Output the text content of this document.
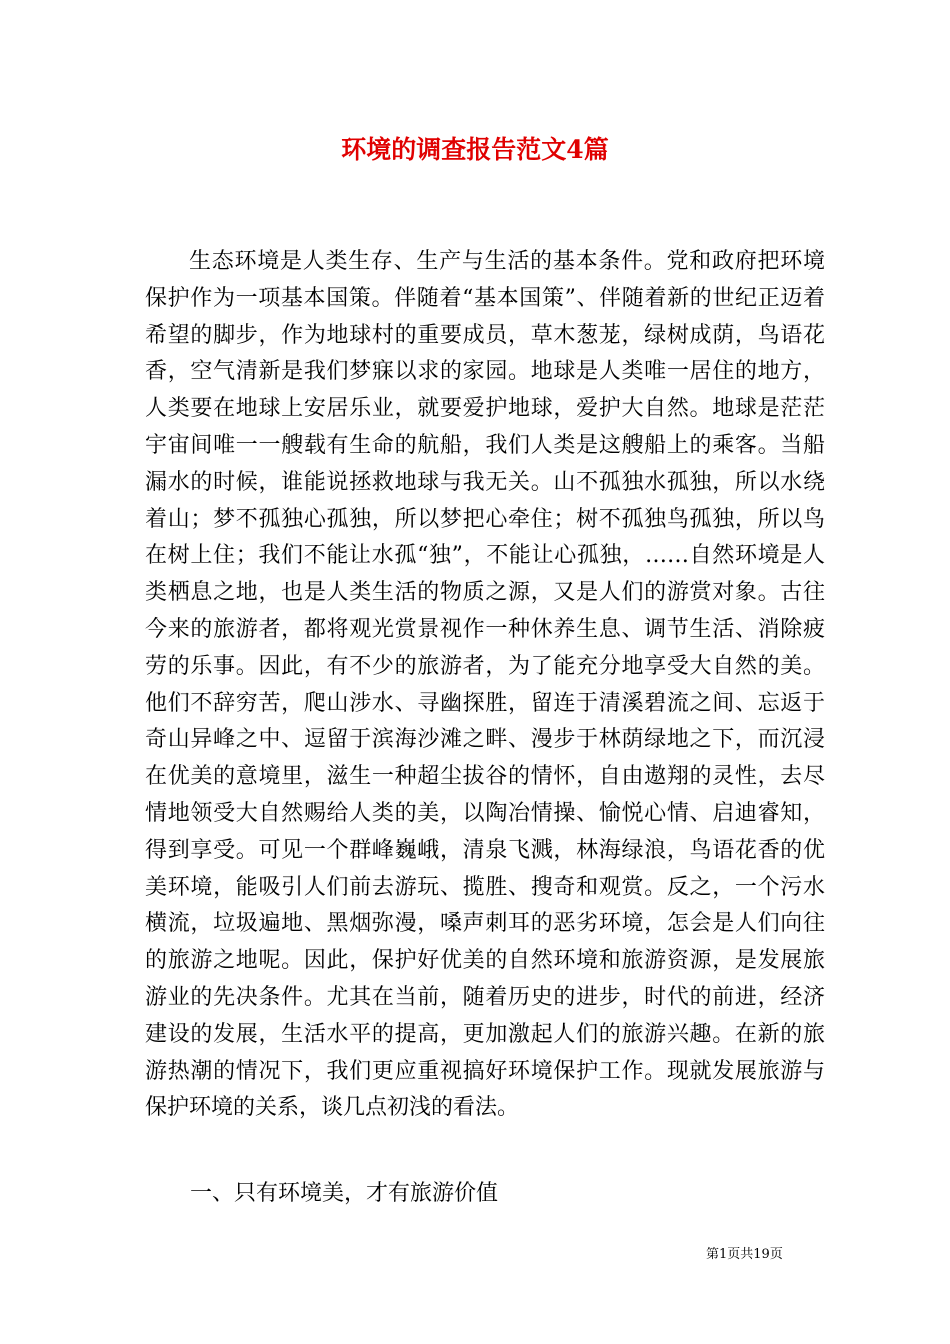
环境的调查报告范文4篇

生态环境是人类生存、生产与生活的基本条件。党和政府把环境保护作为一项基本国策。伴随着“基本国策”、伴随着新的世纪正迈着希望的脚步，作为地球村的重要成员，草木葱茏，绿树成荫，鸟语花香，空气清新是我们梦寐以求的家园。地球是人类唯一居住的地方，人类要在地球上安居乐业，就要爱护地球，爱护大自然。地球是茫茫宇宙间唯一一艘载有生命的航船，我们人类是这艘船上的乘客。当船漏水的时候，谁能说拯救地球与我无关。山不孤独水孤独，所以水绕着山；梦不孤独心孤独，所以梦把心牵住；树不孤独鸟孤独，所以鸟在树上住；我们不能让水孤“独”，不能让心孤独，……自然环境是人类栖息之地，也是人类生活的物质之源，又是人们的游赏对象。古往今来的旅游者，都将观光赏景视作一种休养生息、调节生活、消除疲劳的乐事。因此，有不少的旅游者，为了能充分地享受大自然的美。他们不辞穷苦，爬山涉水、寻幽探胜，留连于清溪碧流之间、忘返于奇山异峰之中、逗留于滨海沙滩之畔、漫步于林荫绿地之下，而沉浸在优美的意境里，滋生一种超尘拔谷的情怀，自由遨翔的灵性，去尽情地领受大自然赐给人类的美，以陶冶情操、愉悦心情、启迪睿知，得到享受。可见一个群峰巍峨，清泉飞溅，林海绿浪，鸟语花香的优美环境，能吸引人们前去游玩、揽胜、搜奇和观赏。反之，一个污水横流，垃圾遍地、黑烟弥漫，嗓声刺耳的恶劣环境，怎会是人们向往的旅游之地呢。因此，保护好优美的自然环境和旅游资源，是发展旅游业的先决条件。尤其在当前，随着历史的进步，时代的前进，经济建设的发展，生活水平的提高，更加激起人们的旅游兴趣。在新的旅游热潮的情况下，我们更应重视搞好环境保护工作。现就发展旅游与保护环境的关系，谈几点初浅的看法。

一、只有环境美，才有旅游价值

第1页共19页
